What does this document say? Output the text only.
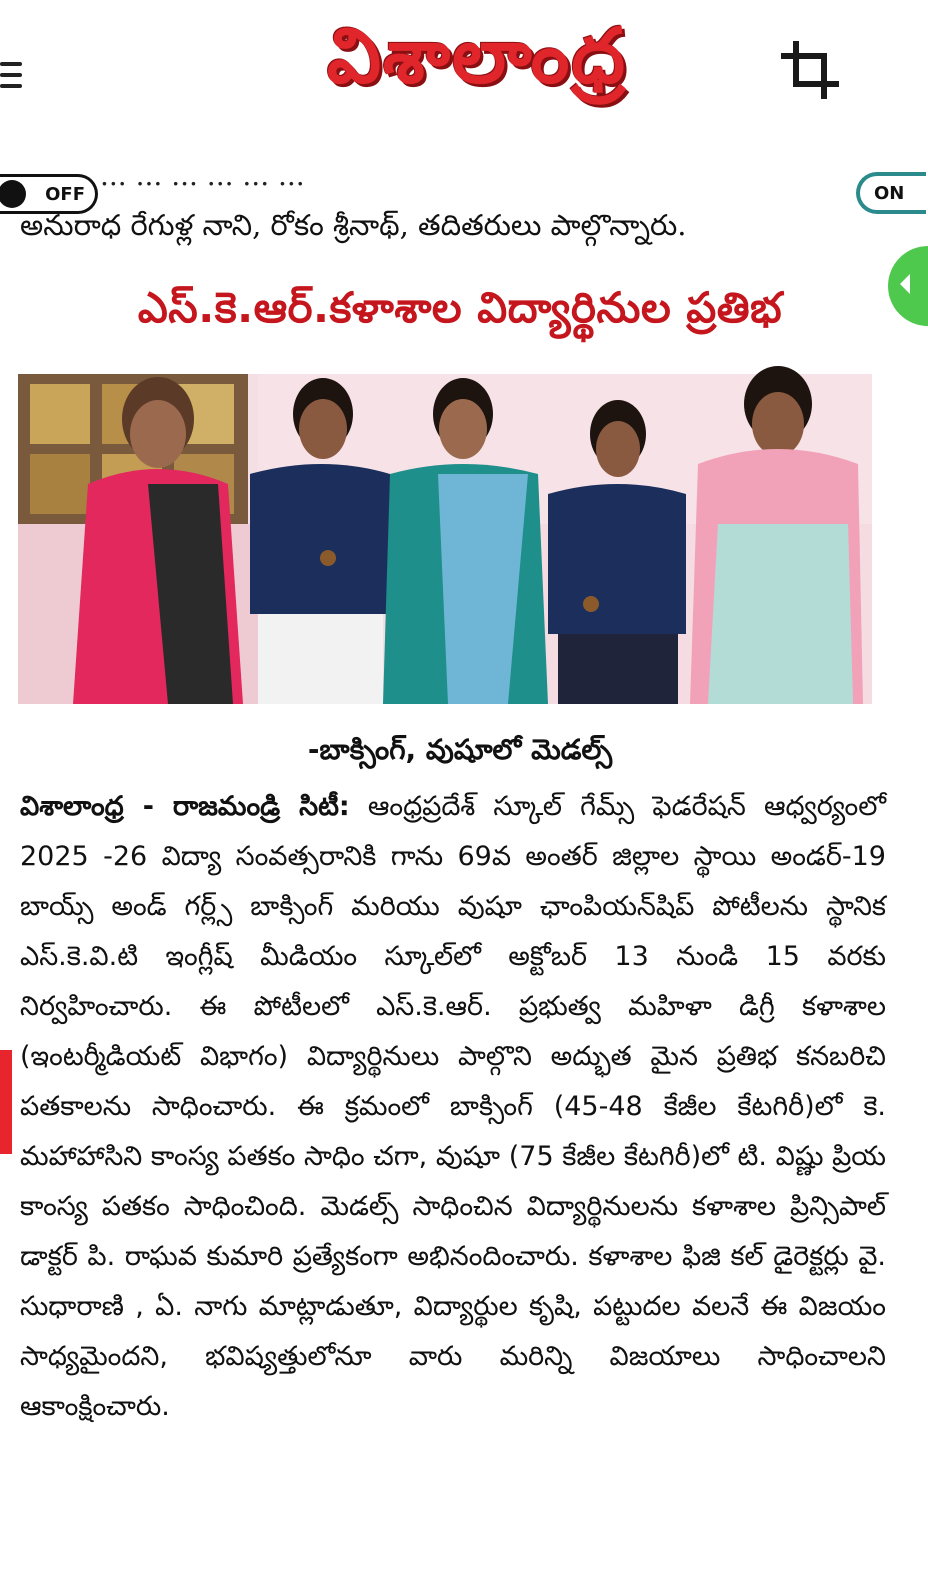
విశాలాంధ్ర
OFF	ON
... ... ... ... ... ...
అనురాధ రేగుళ్ల నాని, రోకం శ్రీనాథ్, తదితరులు పాల్గొన్నారు.
ఎస్.కె.ఆర్.కళాశాల విద్యార్థినుల ప్రతిభ
-బాక్సింగ్, వుషూలో మెడల్స్
విశాలాంధ్ర - రాజమండ్రి సిటీ: ఆంధ్రప్రదేశ్ స్కూల్ గేమ్స్ ఫెడరేషన్ ఆధ్వర్యంలో 2025 -26 విద్యా సంవత్సరానికి గాను 69వ అంతర్ జిల్లాల స్థాయి అండర్-19 బాయ్స్ అండ్ గర్ల్స్ బాక్సింగ్ మరియు వుషూ ఛాంపియన్‌షిప్ పోటీలను స్థానిక ఎస్.కె.వి.టి ఇంగ్లీష్ మీడియం స్కూల్‌లో అక్టోబర్ 13 నుండి 15 వరకు నిర్వహించారు. ఈ పోటీలలో ఎస్.కె.ఆర్. ప్రభుత్వ మహిళా డిగ్రీ కళాశాల (ఇంటర్మీడియట్ విభాగం) విద్యార్థినులు పాల్గొని అద్భుత మైన ప్రతిభ కనబరిచి పతకాలను సాధించారు. ఈ క్రమంలో బాక్సింగ్ (45-48 కేజీల కేటగిరీ)లో కె. మహాహాసిని కాంస్య పతకం సాధిం చగా, వుషూ (75 కేజీల కేటగిరీ)లో టి. విష్ణు ప్రియ కాంస్య పతకం సాధించింది. మెడల్స్ సాధించిన విద్యార్థినులను కళాశాల ప్రిన్సిపాల్ డాక్టర్ పి. రాఘవ కుమారి ప్రత్యేకంగా అభినందించారు. కళాశాల ఫిజి కల్ డైరెక్టర్లు వై. సుధారాణి , ఏ. నాగు మాట్లాడుతూ, విద్యార్థుల కృషి, పట్టుదల వలనే ఈ విజయం సాధ్యమైందని, భవిష్యత్తులోనూ వారు మరిన్ని విజయాలు సాధించాలని ఆకాంక్షించారు.
